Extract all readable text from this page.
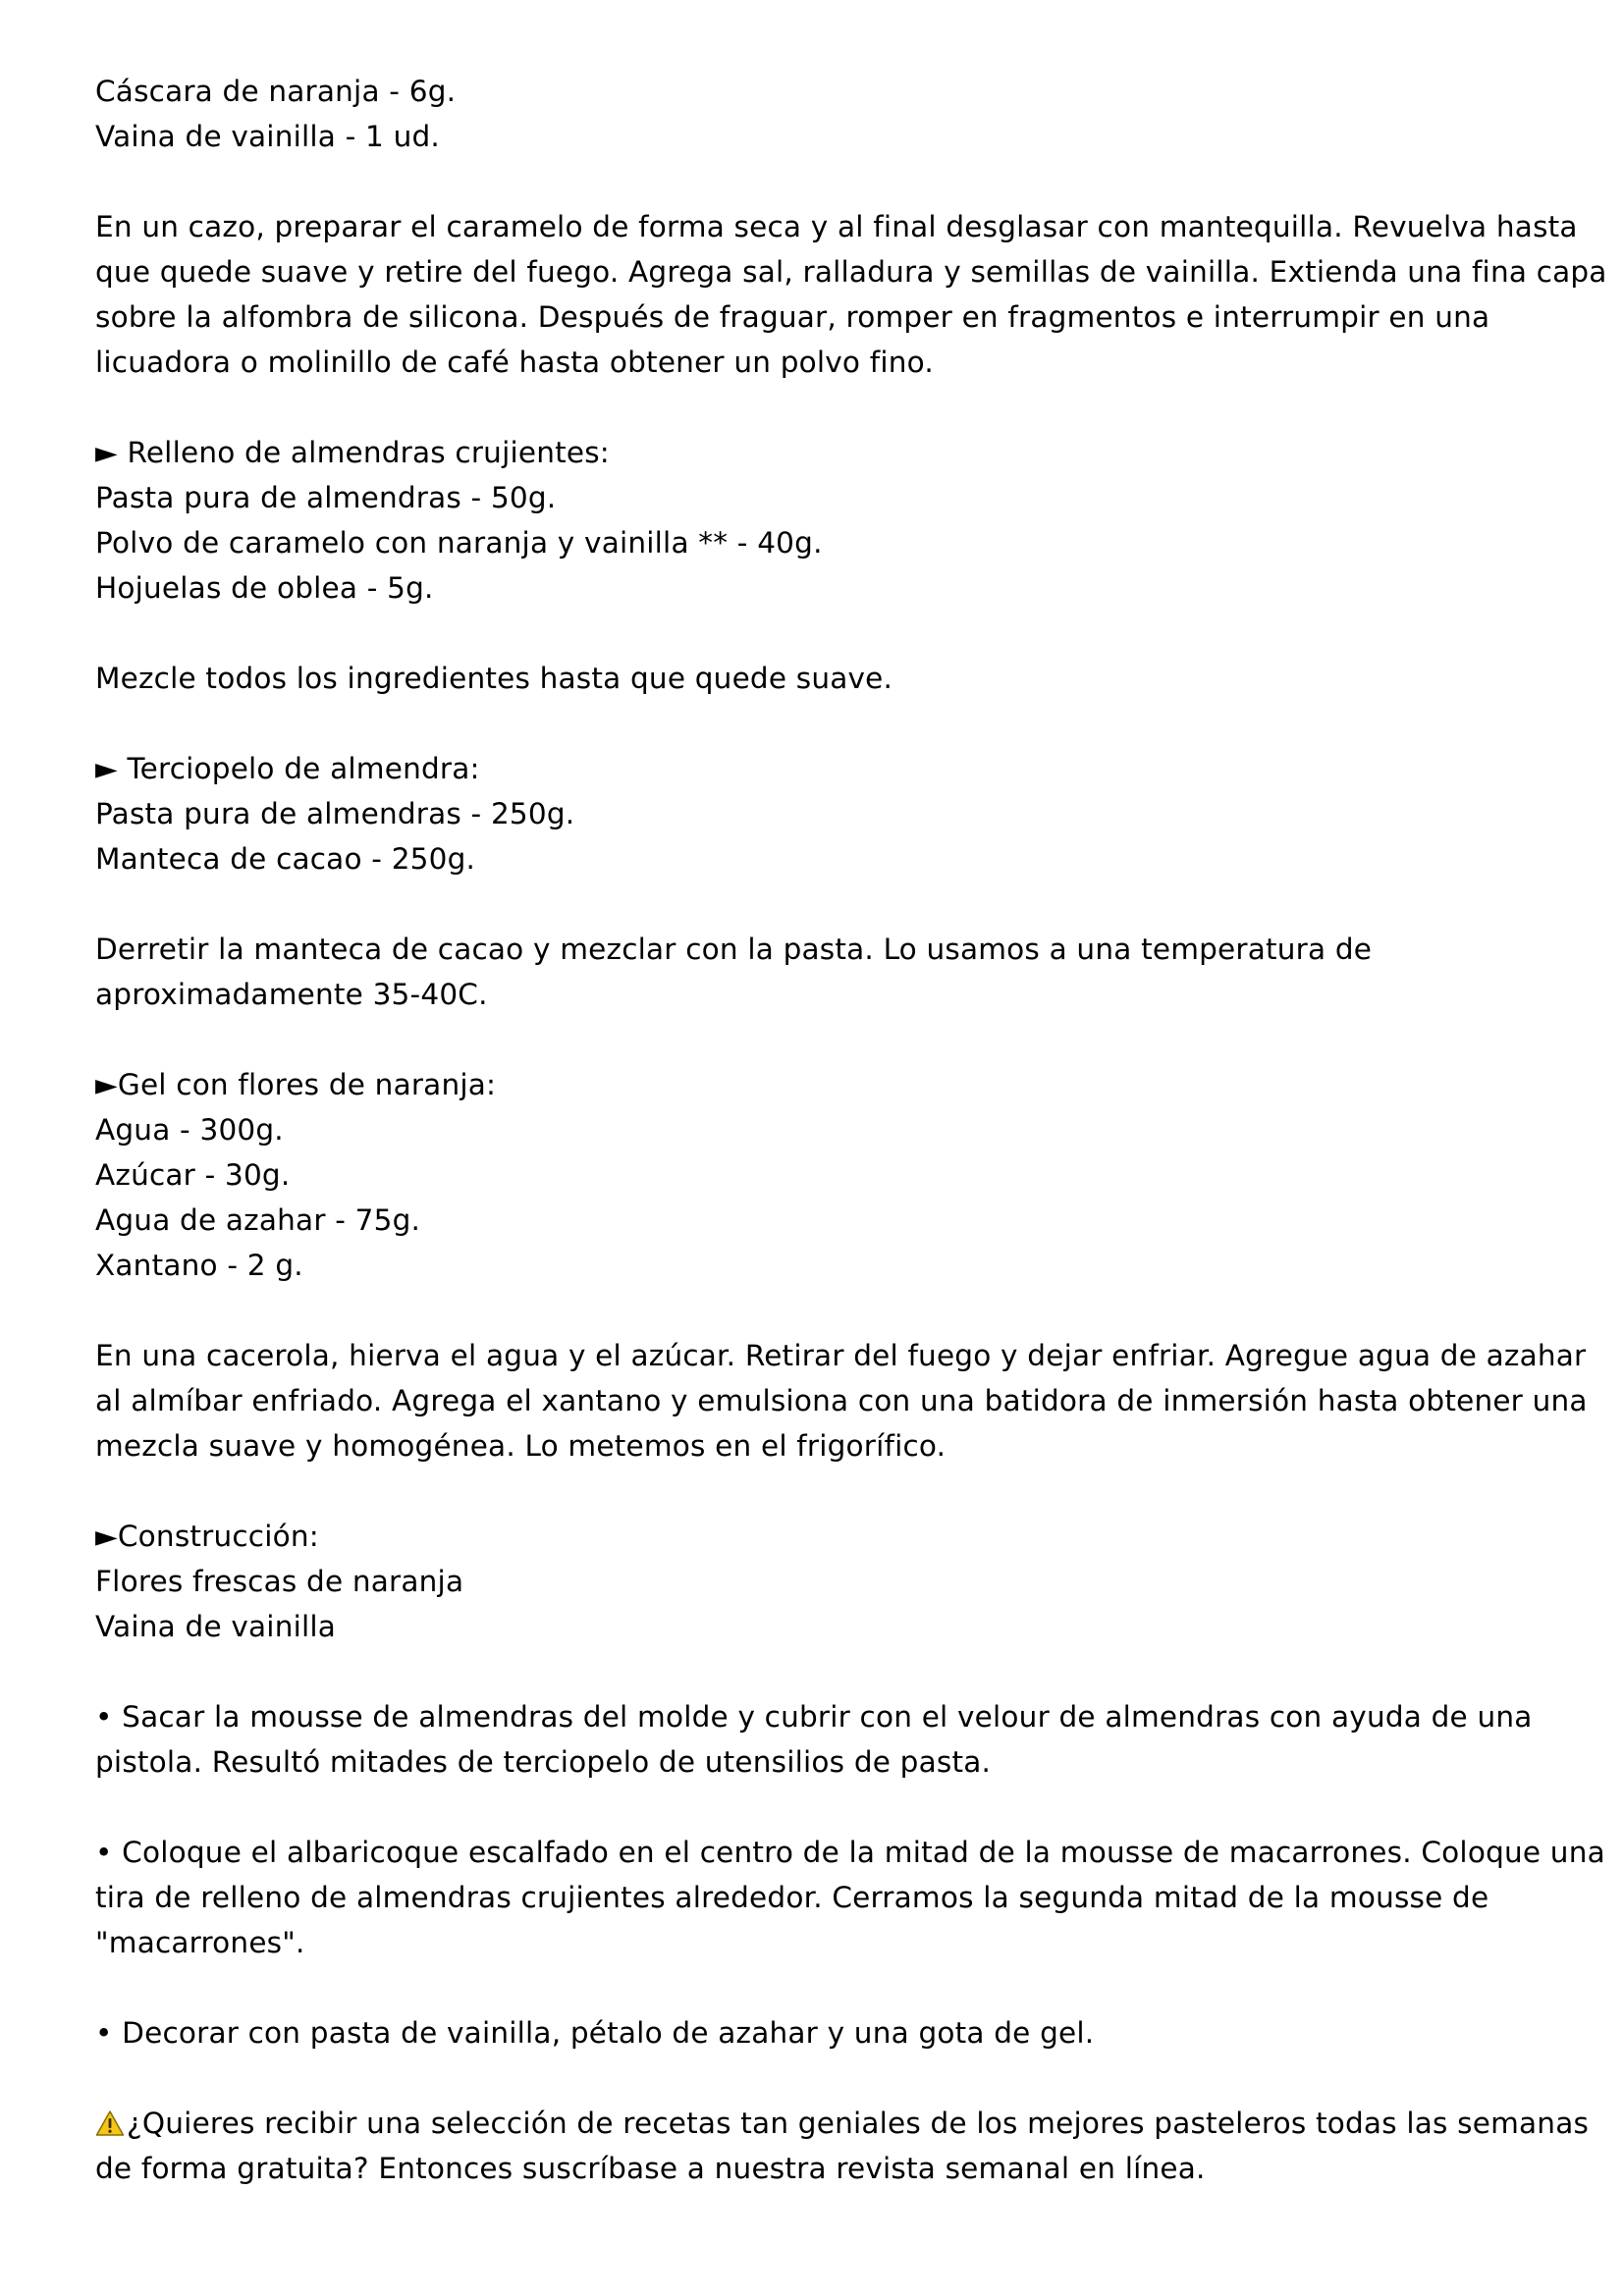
Cáscara de naranja - 6g.
Vaina de vainilla - 1 ud.
En un cazo, preparar el caramelo de forma seca y al final desglasar con mantequilla. Revuelva hasta
que quede suave y retire del fuego. Agrega sal, ralladura y semillas de vainilla. Extienda una fina capa
sobre la alfombra de silicona. Después de fraguar, romper en fragmentos e interrumpir en una
licuadora o molinillo de café hasta obtener un polvo fino.
► Relleno de almendras crujientes:
Pasta pura de almendras - 50g.
Polvo de caramelo con naranja y vainilla ** - 40g.
Hojuelas de oblea - 5g.
Mezcle todos los ingredientes hasta que quede suave.
► Terciopelo de almendra:
Pasta pura de almendras - 250g.
Manteca de cacao - 250g.
Derretir la manteca de cacao y mezclar con la pasta. Lo usamos a una temperatura de
aproximadamente 35-40C.
►Gel con flores de naranja:
Agua - 300g.
Azúcar - 30g.
Agua de azahar - 75g.
Xantano - 2 g.
En una cacerola, hierva el agua y el azúcar. Retirar del fuego y dejar enfriar. Agregue agua de azahar
al almíbar enfriado. Agrega el xantano y emulsiona con una batidora de inmersión hasta obtener una
mezcla suave y homogénea. Lo metemos en el frigorífico.
►Construcción:
Flores frescas de naranja
Vaina de vainilla
• Sacar la mousse de almendras del molde y cubrir con el velour de almendras con ayuda de una
pistola. Resultó mitades de terciopelo de utensilios de pasta.
• Coloque el albaricoque escalfado en el centro de la mitad de la mousse de macarrones. Coloque una
tira de relleno de almendras crujientes alrededor. Cerramos la segunda mitad de la mousse de
"macarrones".
• Decorar con pasta de vainilla, pétalo de azahar y una gota de gel.
¿Quieres recibir una selección de recetas tan geniales de los mejores pasteleros todas las semanas
de forma gratuita? Entonces suscríbase a nuestra revista semanal en línea.
